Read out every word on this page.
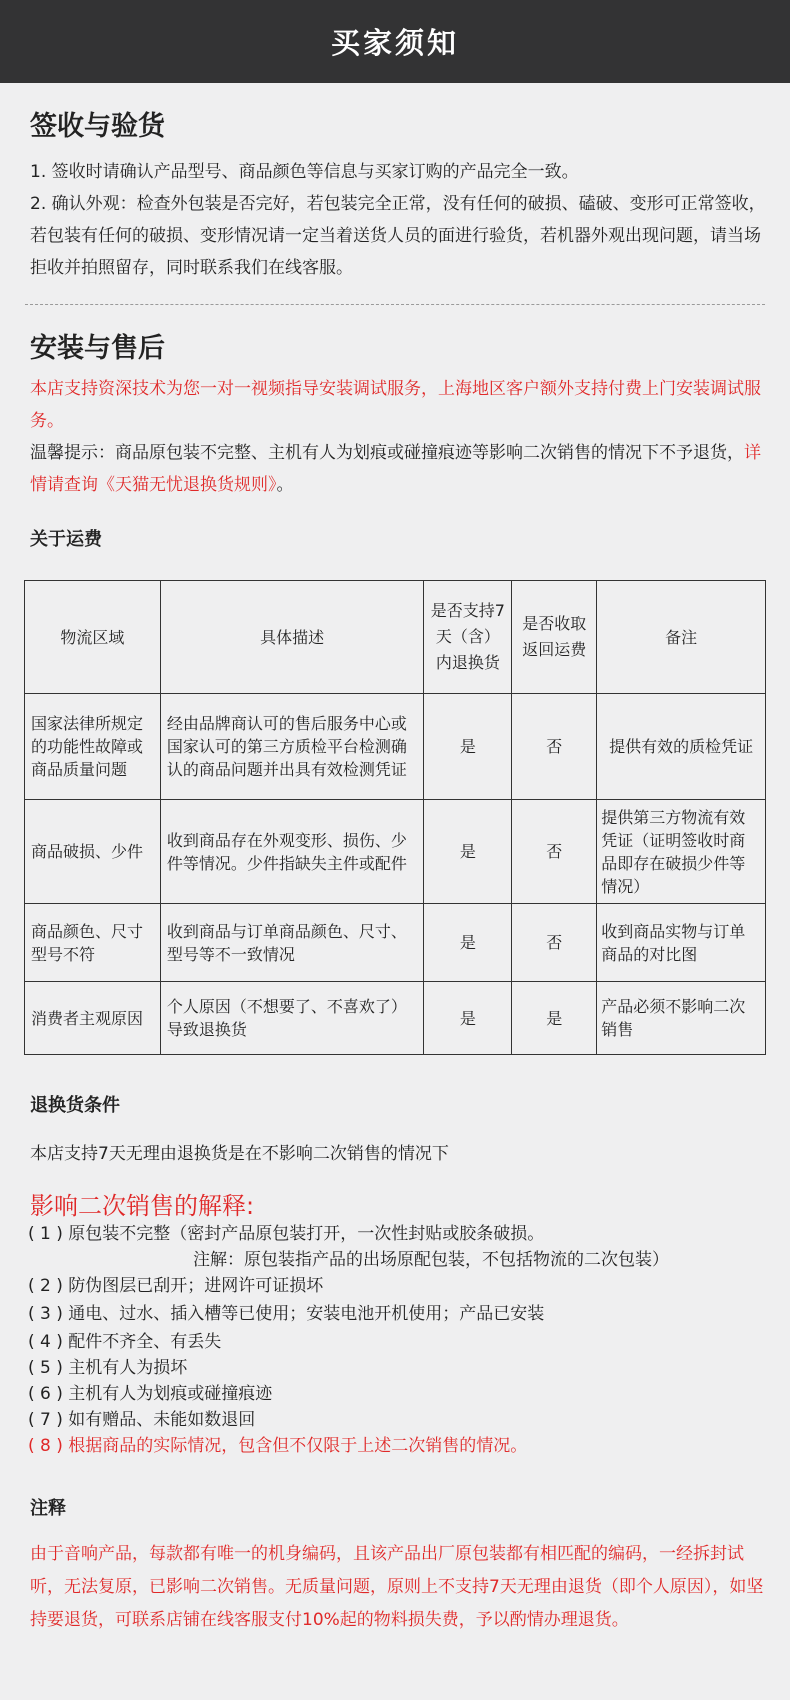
买家须知
签收与验货
1. 签收时请确认产品型号、商品颜色等信息与买家订购的产品完全一致。
2. 确认外观：检查外包装是否完好，若包装完全正常，没有任何的破损、磕破、变形可正常签收，若包装有任何的破损、变形情况请一定当着送货人员的面进行验货，若机器外观出现问题，请当场拒收并拍照留存，同时联系我们在线客服。
安装与售后
本店支持资深技术为您一对一视频指导安装调试服务，上海地区客户额外支持付费上门安装调试服务。
温馨提示：商品原包装不完整、主机有人为划痕或碰撞痕迹等影响二次销售的情况下不予退货，详情请查询《天猫无忧退换货规则》。
关于运费
物流区域	具体描述	是否支持7天（含）内退换货	是否收取返回运费	备注
国家法律所规定的功能性故障或商品质量问题	经由品牌商认可的售后服务中心或国家认可的第三方质检平台检测确认的商品问题并出具有效检测凭证	是	否	提供有效的质检凭证
商品破损、少件	收到商品存在外观变形、损伤、少件等情况。少件指缺失主件或配件	是	否	提供第三方物流有效凭证（证明签收时商品即存在破损少件等情况）
商品颜色、尺寸型号不符	收到商品与订单商品颜色、尺寸、型号等不一致情况	是	否	收到商品实物与订单商品的对比图
消费者主观原因	个人原因（不想要了、不喜欢了）导致退换货	是	是	产品必须不影响二次销售
退换货条件
本店支持7天无理由退换货是在不影响二次销售的情况下
影响二次销售的解释:
( 1 ) 原包装不完整（密封产品原包装打开，一次性封贴或胶条破损。
注解：原包装指产品的出场原配包装，不包括物流的二次包装）
( 2 ) 防伪图层已刮开；进网许可证损坏
( 3 ) 通电、过水、插入槽等已使用；安装电池开机使用；产品已安装
( 4 ) 配件不齐全、有丢失
( 5 ) 主机有人为损坏
( 6 ) 主机有人为划痕或碰撞痕迹
( 7 ) 如有赠品、未能如数退回
( 8 ) 根据商品的实际情况，包含但不仅限于上述二次销售的情况。
注释
由于音响产品，每款都有唯一的机身编码，且该产品出厂原包装都有相匹配的编码，一经拆封试听，无法复原，已影响二次销售。无质量问题，原则上不支持7天无理由退货（即个人原因），如坚持要退货，可联系店铺在线客服支付10%起的物料损失费，予以酌情办理退货。
